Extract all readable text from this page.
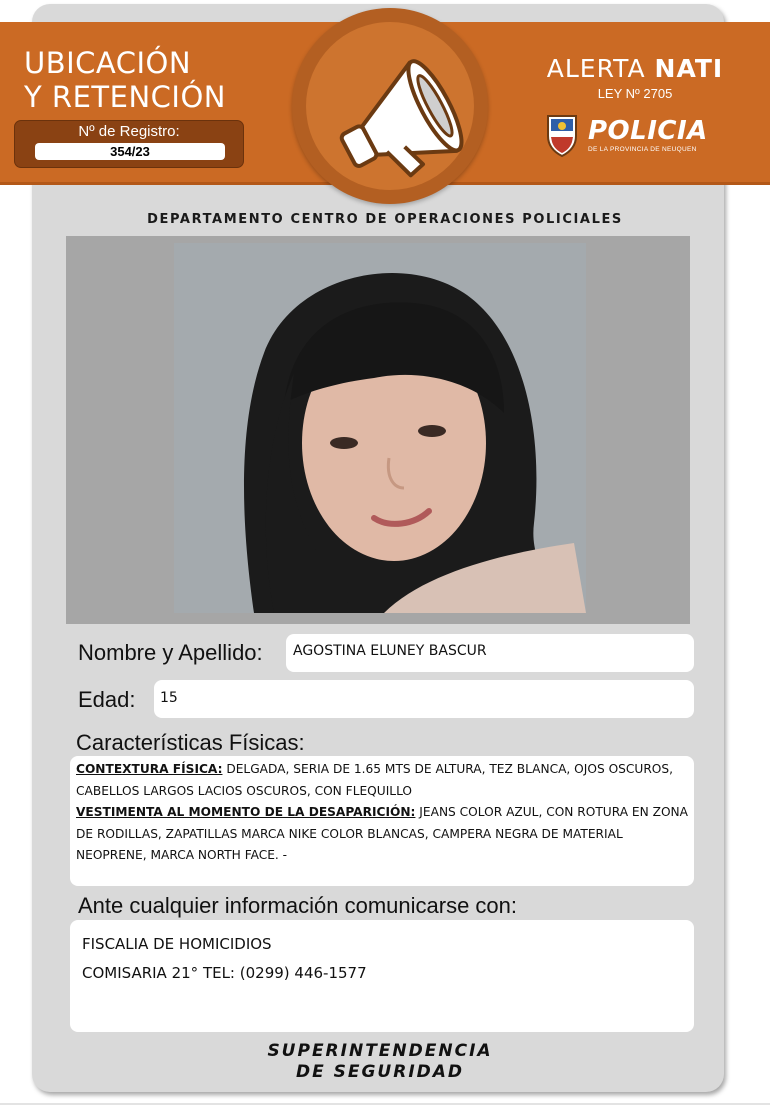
UBICACIÓN
Y RETENCIÓN
Nº de Registro:
354/23
ALERTA NATI
LEY Nº 2705
POLICIA
DE LA PROVINCIA DE NEUQUEN
DEPARTAMENTO CENTRO DE OPERACIONES POLICIALES
Nombre y Apellido:	AGOSTINA ELUNEY BASCUR
Edad:	15
Características Físicas:
CONTEXTURA FÍSICA: DELGADA, SERIA DE 1.65 MTS DE ALTURA, TEZ BLANCA, OJOS OSCUROS, CABELLOS LARGOS LACIOS OSCUROS, CON FLEQUILLO
VESTIMENTA AL MOMENTO DE LA DESAPARICIÓN: JEANS COLOR AZUL, CON ROTURA EN ZONA DE RODILLAS, ZAPATILLAS MARCA NIKE COLOR BLANCAS, CAMPERA NEGRA DE MATERIAL NEOPRENE, MARCA NORTH FACE. -
Ante cualquier información comunicarse con:
FISCALIA DE HOMICIDIOS
COMISARIA 21° TEL: (0299) 446-1577
SUPERINTENDENCIA
DE SEGURIDAD
